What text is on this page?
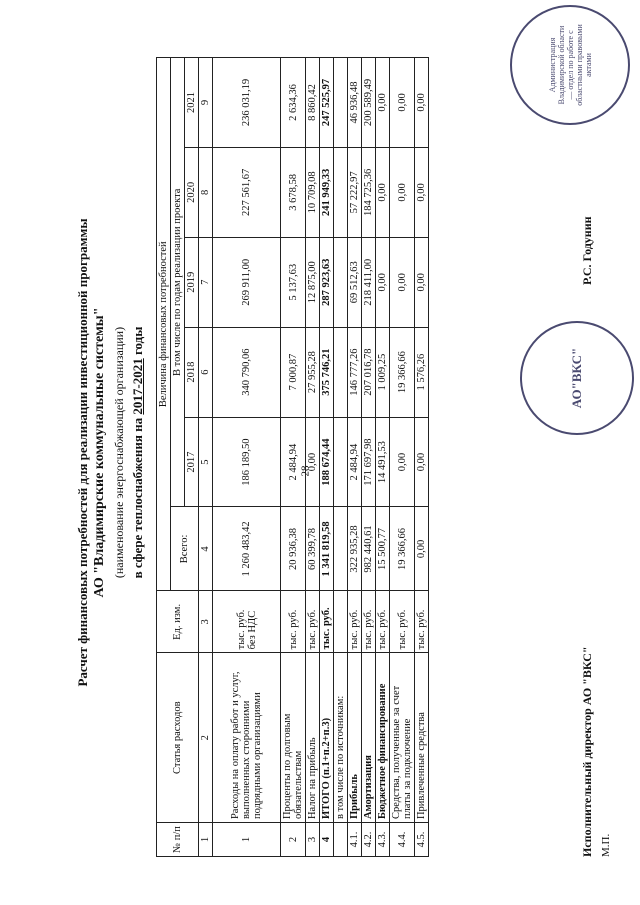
28
Расчет финансовых потребностей для реализации инвестиционной программы АО "Владимирские коммунальные системы" (наименование энергоснабжающей организации) в сфере теплоснабжения на 2017-2021 годы
№ п/п	Статья расходов	Ед. изм.	Величина финансовых потребностей					
			Всего:	В том числе по годам реализации проекта				
				2017	2018	2019	2020	2021
1	2	3	4	5	6	7	8	9
1	Расходы на оплату работ и услуг, выполненных сторонними подрядными организациями	тыс. руб. без НДС	1 260 483,42	186 189,50	340 790,06	269 911,00	227 561,67	236 031,19
2	Проценты по долговым обязательствам	тыс. руб.	20 936,38	2 484,94	7 000,87	5 137,63	3 678,58	2 634,36
3	Налог на прибыль	тыс. руб.	60 399,78	0,00	27 955,28	12 875,00	10 709,08	8 860,42
4	ИТОГО (п.1+п.2+п.3)	тыс. руб.	1 341 819,58	188 674,44	375 746,21	287 923,63	241 949,33	247 525,97
	в том числе по источникам:							
4.1.	Прибыль	тыс. руб.	322 935,28	2 484,94	146 777,26	69 512,63	57 222,97	46 936,48
4.2.	Амортизация	тыс. руб.	982 440,61	171 697,98	207 016,78	218 411,00	184 725,36	200 589,49
4.3.	Бюджетное финансирование	тыс. руб.	15 500,77	14 491,53	1 009,25	0,00	0,00	0,00
4.4.	Средства, полученные за счет платы за подключение	тыс. руб.	19 366,66	0,00	19 366,66	0,00	0,00	0,00
4.5.	Привлеченные средства	тыс. руб.	0,00	0,00	1 576,26	0,00	0,00	0,00
Исполнительный директор АО "ВКС" М.П.
Р.С. Годунин
АО"ВКС"
Администрация Владимирской области — отдел по работе с областными правовыми актами
